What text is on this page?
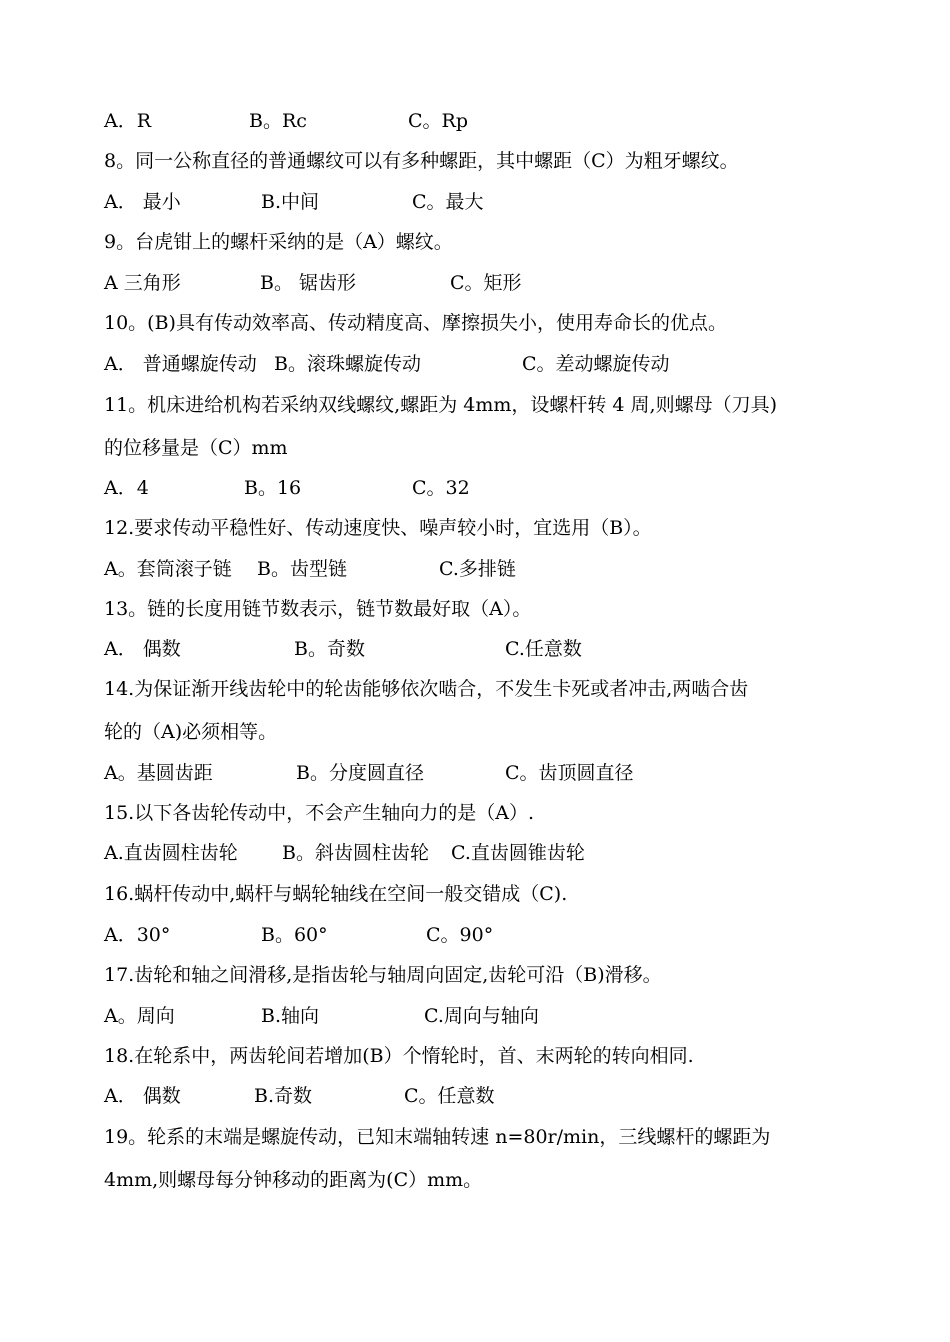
A．R	B。Rc	C。Rp
8。同一公称直径的普通螺纹可以有多种螺距，其中螺距（C）为粗牙螺纹。
A． 最小	B.中间	C。最大
9。台虎钳上的螺杆采纳的是（A）螺纹。
A 三角形	B。 锯齿形	C。矩形
10。(B)具有传动效率高、传动精度高、摩擦损失小，使用寿命长的优点。
A． 普通螺旋传动 B。滚珠螺旋传动	C。差动螺旋传动
11。机床进给机构若采纳双线螺纹,螺距为 4mm，设螺杆转 4 周,则螺母（刀具)
的位移量是（C）mm
A．4	B。16	C。32
12.要求传动平稳性好、传动速度快、噪声较小时，宜选用（B）。
A。套筒滚子链 B。齿型链	C.多排链
13。链的长度用链节数表示，链节数最好取（A）。
A． 偶数	B。奇数	C.任意数
14.为保证渐开线齿轮中的轮齿能够依次啮合，不发生卡死或者冲击,两啮合齿
轮的（A)必须相等。
A。基圆齿距	B。分度圆直径	C。齿顶圆直径
15.以下各齿轮传动中，不会产生轴向力的是（A）.
A.直齿圆柱齿轮 B。斜齿圆柱齿轮 C.直齿圆锥齿轮
16.蜗杆传动中,蜗杆与蜗轮轴线在空间一般交错成（C).
A．30°	B。60°	C。90°
17.齿轮和轴之间滑移,是指齿轮与轴周向固定,齿轮可沿（B)滑移。
A。周向	B.轴向	C.周向与轴向
18.在轮系中，两齿轮间若增加(B）个惰轮时，首、末两轮的转向相同.
A． 偶数	B.奇数	C。任意数
19。轮系的末端是螺旋传动，已知末端轴转速 n=80r/min，三线螺杆的螺距为
4mm,则螺母每分钟移动的距离为(C）mm。
